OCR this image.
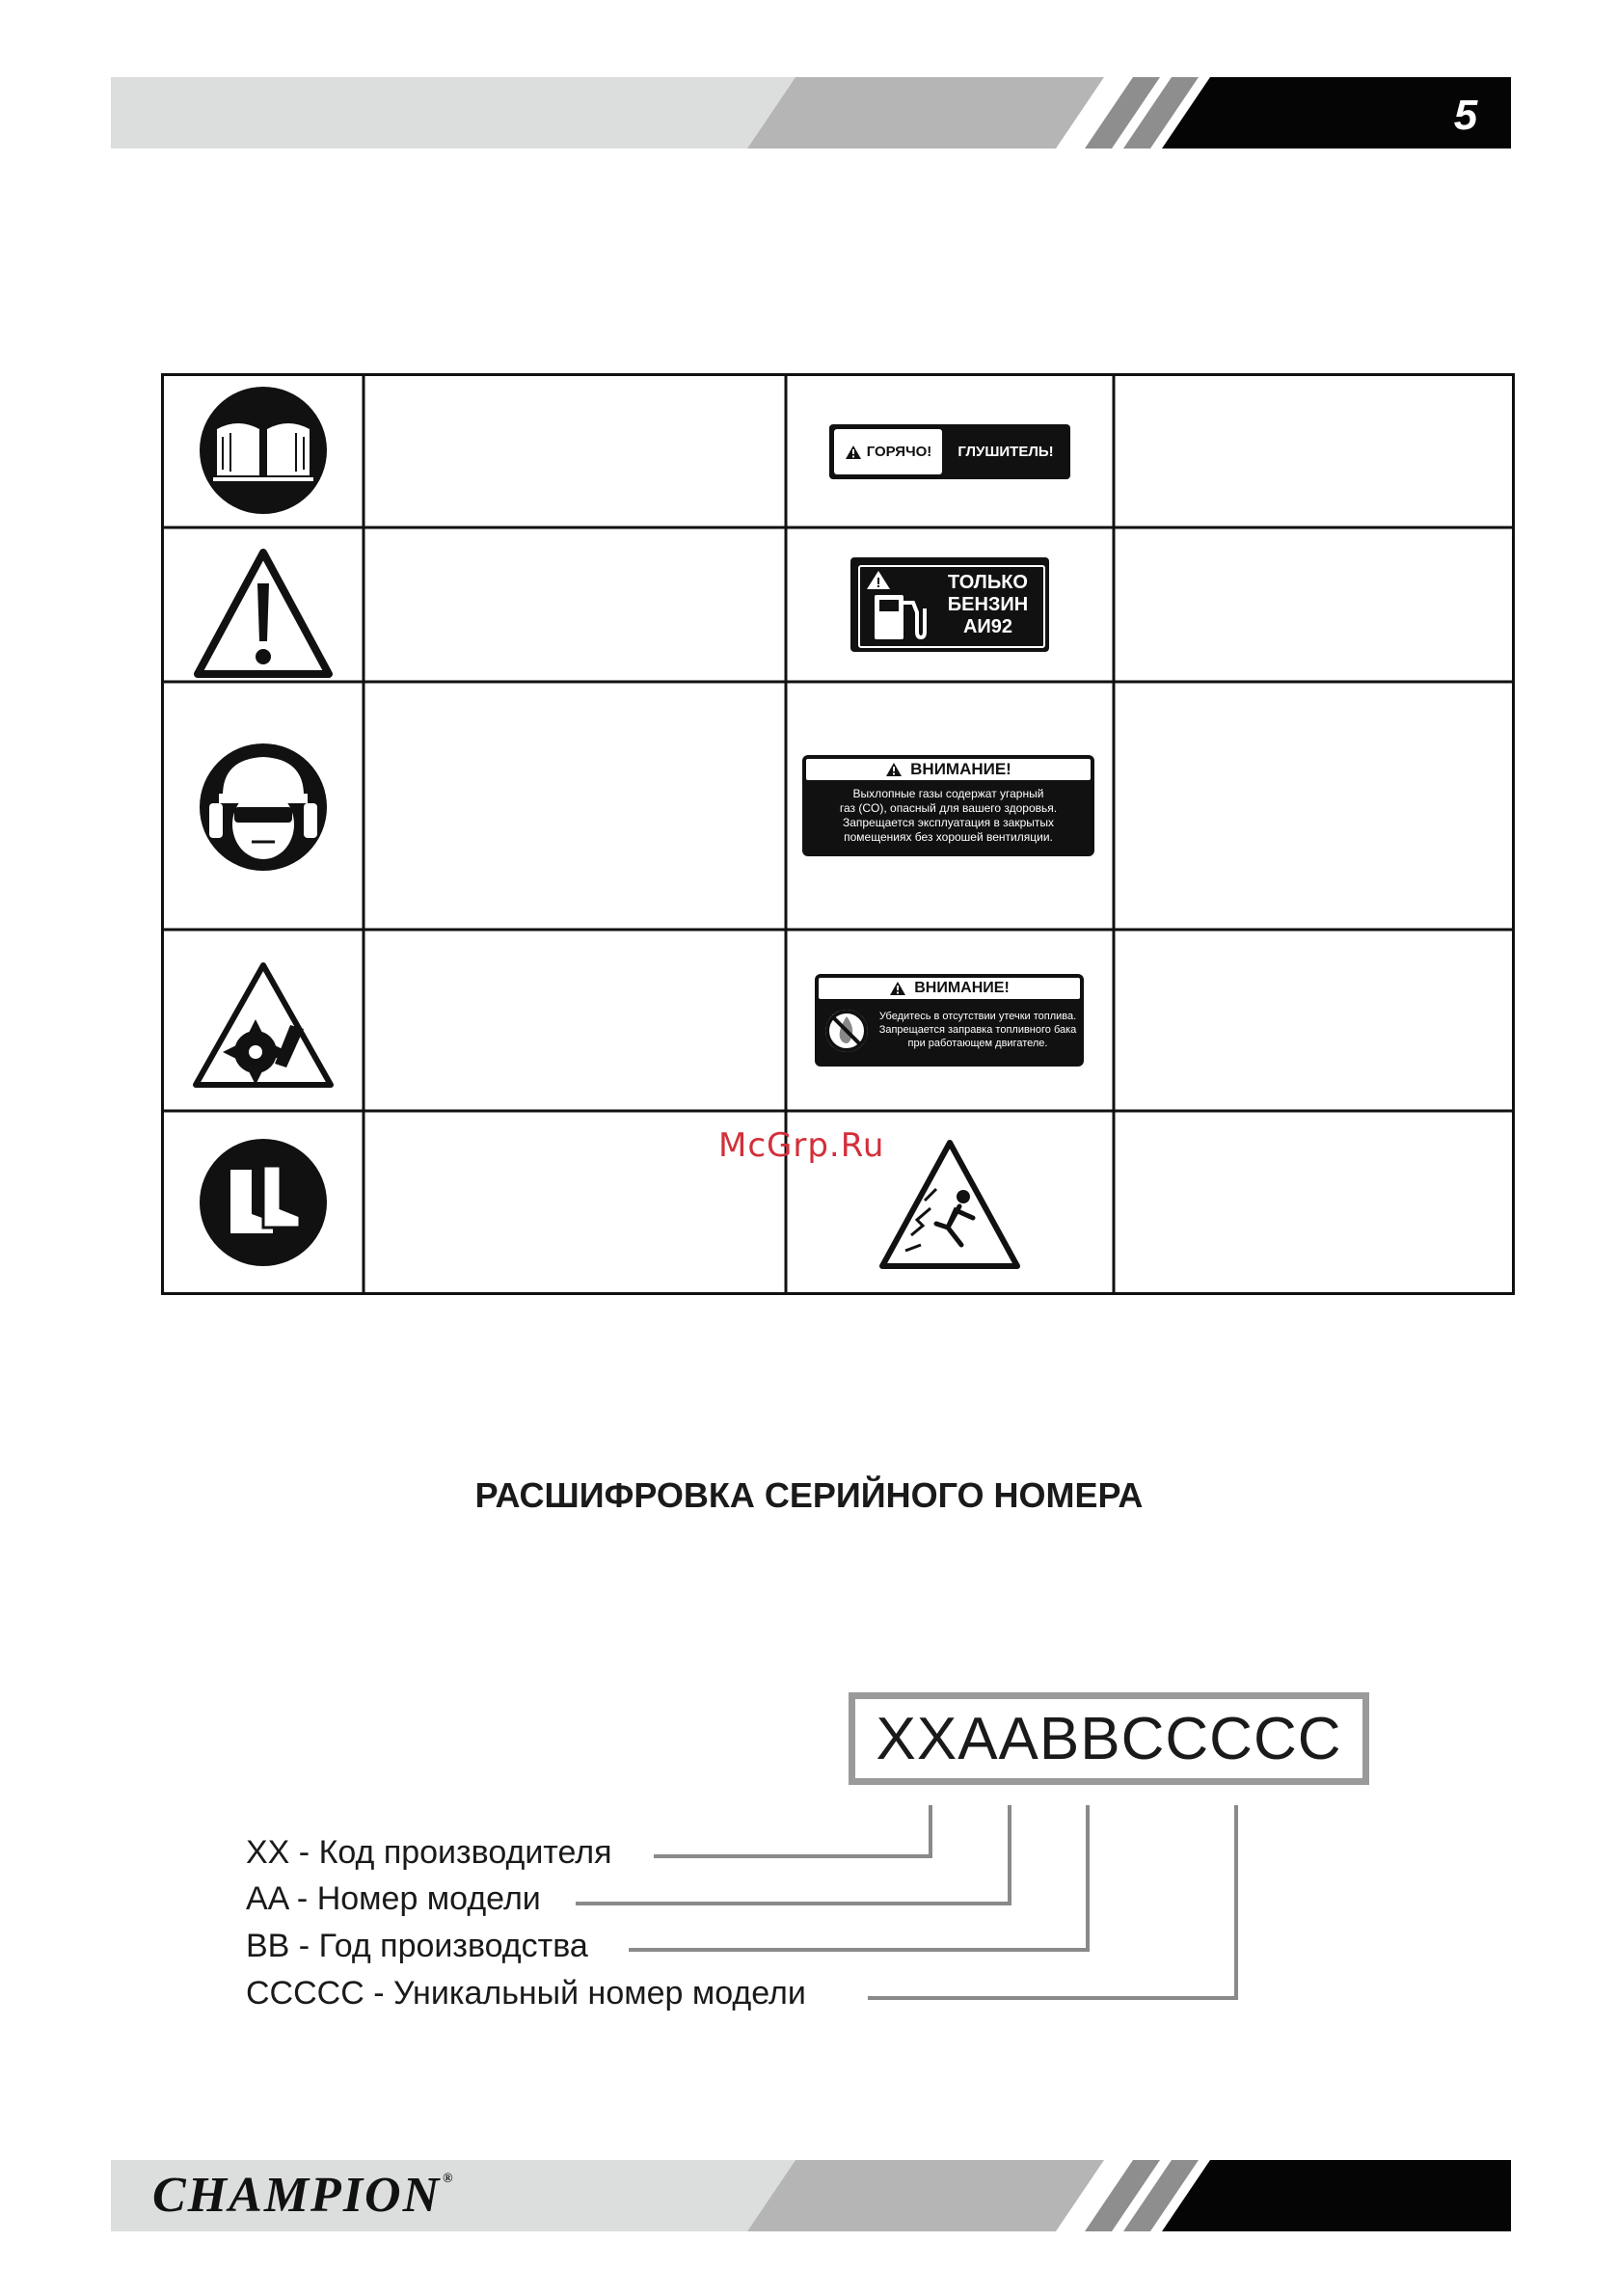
5
ГОРЯЧО!	ГЛУШИТЕЛЬ!
ТОЛЬКО
БЕНЗИН
АИ92
ВНИМАНИЕ!
Выхлопные газы содержат угарный
газ (CO), опасный для вашего здоровья.
Запрещается эксплуатация в закрытых
помещениях без хорошей вентиляции.
ВНИМАНИЕ!
Убедитесь в отсутствии утечки топлива.
Запрещается заправка топливного бака
при работающем двигателе.
McGrp.Ru
РАСШИФРОВКА СЕРИЙНОГО НОМЕРА
XXAABBCCCCC
XX - Код производителя
AA - Номер модели
BB - Год производства
CCCCC - Уникальный номер модели
CHAMPION ®
